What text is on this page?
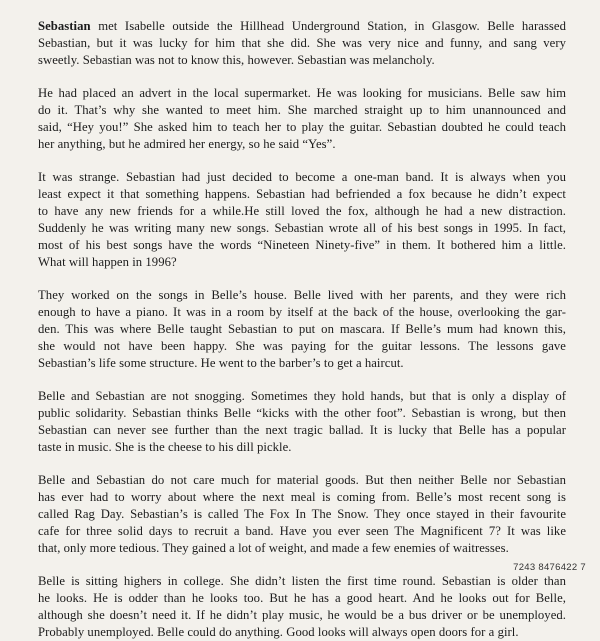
Sebastian met Isabelle outside the Hillhead Underground Station, in Glasgow. Belle harassed
Sebastian, but it was lucky for him that she did. She was very nice and funny, and sang very
sweetly. Sebastian was not to know this, however. Sebastian was melancholy.

He had placed an advert in the local supermarket. He was looking for musicians. Belle saw him
do it. That’s why she wanted to meet him. She marched straight up to him unannounced and
said, “Hey you!” She asked him to teach her to play the guitar. Sebastian doubted he could teach
her anything, but he admired her energy, so he said “Yes”.

It was strange. Sebastian had just decided to become a one-man band. It is always when you
least expect it that something happens. Sebastian had befriended a fox because he didn’t expect
to have any new friends for a while.He still loved the fox, although he had a new distraction.
Suddenly he was writing many new songs. Sebastian wrote all of his best songs in 1995. In fact,
most of his best songs have the words “Nineteen Ninety-five” in them. It bothered him a little.
What will happen in 1996?

They worked on the songs in Belle’s house. Belle lived with her parents, and they were rich
enough to have a piano. It was in a room by itself at the back of the house, overlooking the gar-
den. This was where Belle taught Sebastian to put on mascara. If Belle’s mum had known this,
she would not have been happy. She was paying for the guitar lessons. The lessons gave
Sebastian’s life some structure. He went to the barber’s to get a haircut.

Belle and Sebastian are not snogging. Sometimes they hold hands, but that is only a display of
public solidarity. Sebastian thinks Belle “kicks with the other foot”. Sebastian is wrong, but then
Sebastian can never see further than the next tragic ballad. It is lucky that Belle has a popular
taste in music. She is the cheese to his dill pickle.

Belle and Sebastian do not care much for material goods. But then neither Belle nor Sebastian
has ever had to worry about where the next meal is coming from. Belle’s most recent song is
called Rag Day. Sebastian’s is called The Fox In The Snow. They once stayed in their favourite
cafe for three solid days to recruit a band. Have you ever seen The Magnificent 7? It was like
that, only more tedious. They gained a lot of weight, and made a few enemies of waitresses.

Belle is sitting highers in college. She didn’t listen the first time round. Sebastian is older than
he looks. He is odder than he looks too. But he has a good heart. And he looks out for Belle,
although she doesn’t need it. If he didn’t play music, he would be a bus driver or be unemployed.
Probably unemployed. Belle could do anything. Good looks will always open doors for a girl.

7243 8476422 7
